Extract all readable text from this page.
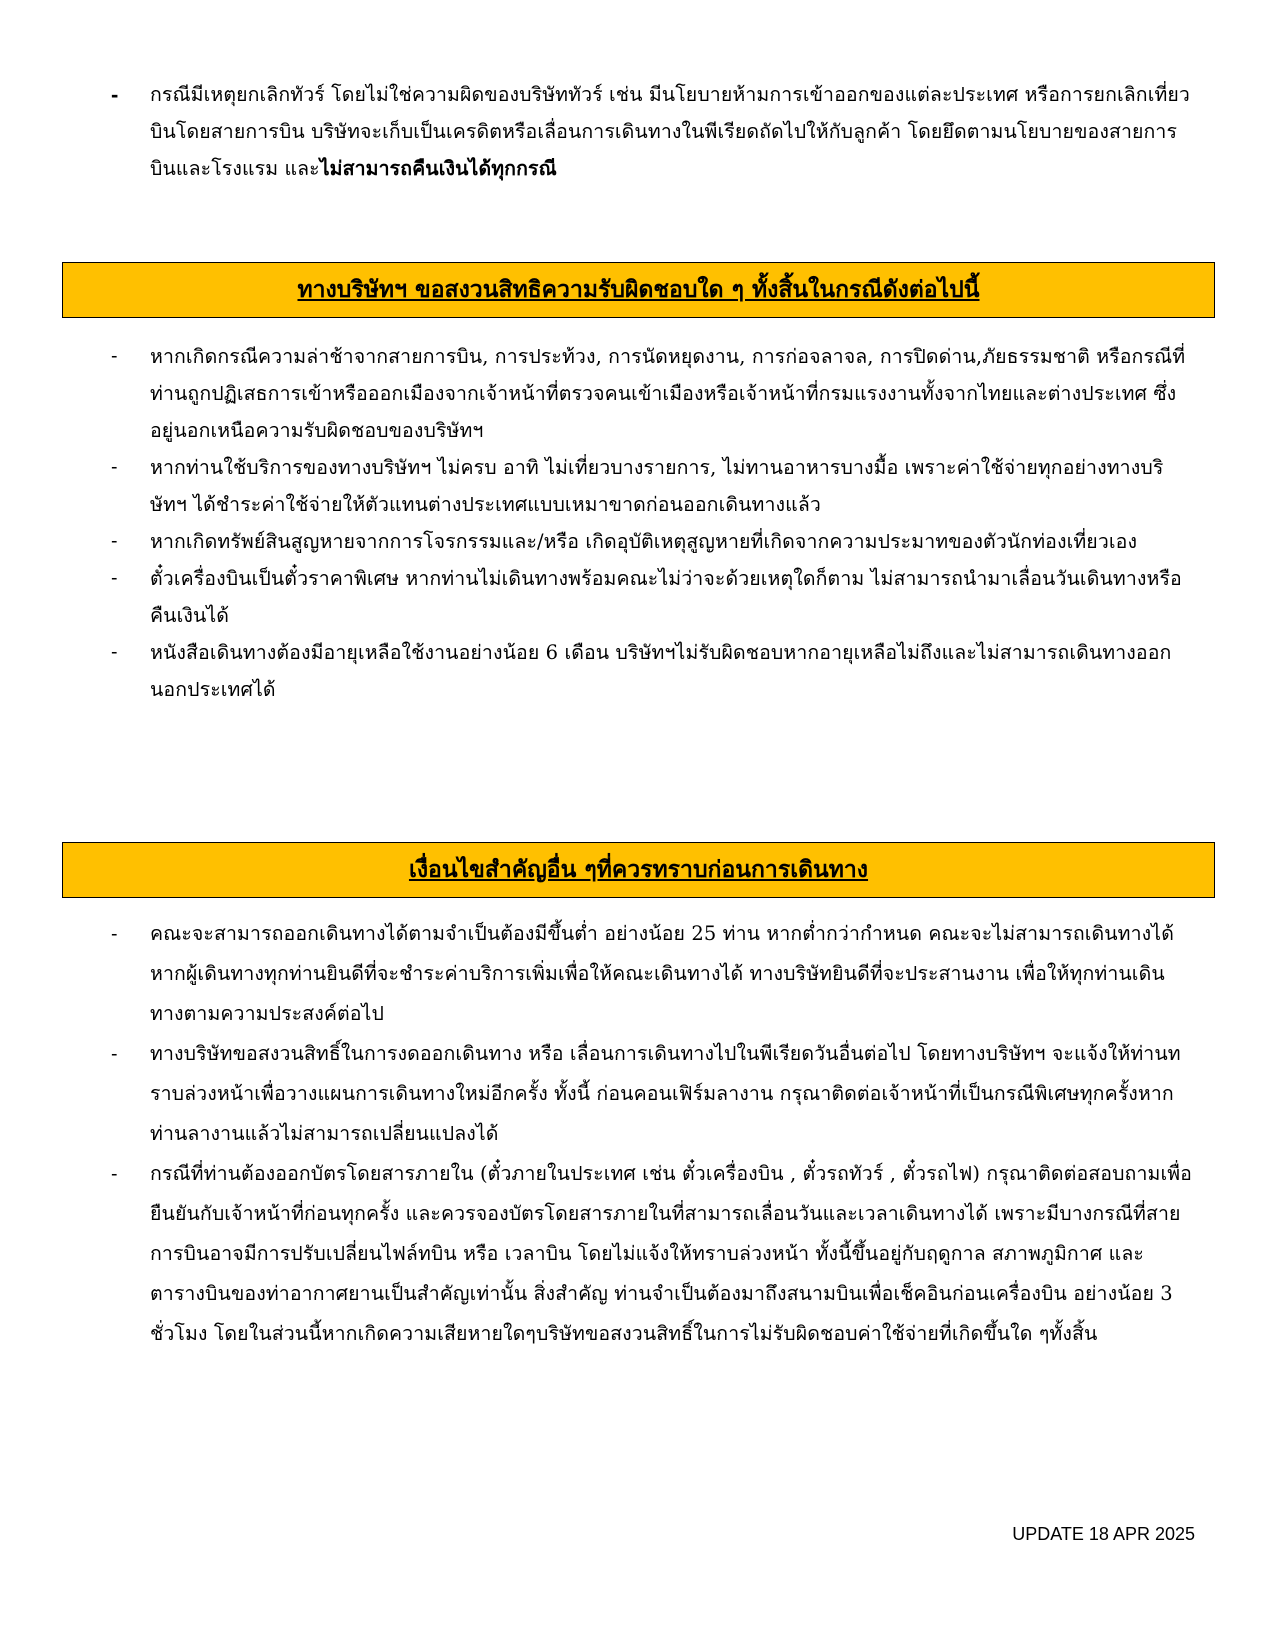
-	กรณีมีเหตุยกเลิกทัวร์ โดยไม่ใช่ความผิดของบริษัททัวร์ เช่น มีนโยบายห้ามการเข้าออกของแต่ละประเทศ หรือการยกเลิกเที่ยวบินโดยสายการบิน บริษัทจะเก็บเป็นเครดิตหรือเลื่อนการเดินทางในพีเรียดถัดไปให้กับลูกค้า โดยยึดตามนโยบายของสายการบินและโรงแรม และไม่สามารถคืนเงินได้ทุกกรณี
ทางบริษัทฯ ขอสงวนสิทธิความรับผิดชอบใด ๆ ทั้งสิ้นในกรณีดังต่อไปนี้
-	หากเกิดกรณีความล่าช้าจากสายการบิน, การประท้วง, การนัดหยุดงาน, การก่อจลาจล, การปิดด่าน,ภัยธรรมชาติ หรือกรณีที่ท่านถูกปฏิเสธการเข้าหรือออกเมืองจากเจ้าหน้าที่ตรวจคนเข้าเมืองหรือเจ้าหน้าที่กรมแรงงานทั้งจากไทยและต่างประเทศ ซึ่งอยู่นอกเหนือความรับผิดชอบของบริษัทฯ
-	หากท่านใช้บริการของทางบริษัทฯ ไม่ครบ อาทิ ไม่เที่ยวบางรายการ, ไม่ทานอาหารบางมื้อ เพราะค่าใช้จ่ายทุกอย่างทางบริษัทฯ ได้ชำระค่าใช้จ่ายให้ตัวแทนต่างประเทศแบบเหมาขาดก่อนออกเดินทางแล้ว
-	หากเกิดทรัพย์สินสูญหายจากการโจรกรรมและ/หรือ เกิดอุบัติเหตุสูญหายที่เกิดจากความประมาทของตัวนักท่องเที่ยวเอง
-	ตั๋วเครื่องบินเป็นตั๋วราคาพิเศษ หากท่านไม่เดินทางพร้อมคณะไม่ว่าจะด้วยเหตุใดก็ตาม ไม่สามารถนำมาเลื่อนวันเดินทางหรือคืนเงินได้
-	หนังสือเดินทางต้องมีอายุเหลือใช้งานอย่างน้อย 6 เดือน บริษัทฯไม่รับผิดชอบหากอายุเหลือไม่ถึงและไม่สามารถเดินทางออกนอกประเทศได้
เงื่อนไขสำคัญอื่น ๆที่ควรทราบก่อนการเดินทาง
-	คณะจะสามารถออกเดินทางได้ตามจำเป็นต้องมีขึ้นต่ำ อย่างน้อย 25 ท่าน หากต่ำกว่ากำหนด คณะจะไม่สามารถเดินทางได้ หากผู้เดินทางทุกท่านยินดีที่จะชำระค่าบริการเพิ่มเพื่อให้คณะเดินทางได้ ทางบริษัทยินดีที่จะประสานงาน เพื่อให้ทุกท่านเดินทางตามความประสงค์ต่อไป
-	ทางบริษัทขอสงวนสิทธิ์ในการงดออกเดินทาง หรือ เลื่อนการเดินทางไปในพีเรียดวันอื่นต่อไป โดยทางบริษัทฯ จะแจ้งให้ท่านทราบล่วงหน้าเพื่อวางแผนการเดินทางใหม่อีกครั้ง ทั้งนี้ ก่อนคอนเฟิร์มลางาน กรุณาติดต่อเจ้าหน้าที่เป็นกรณีพิเศษทุกครั้งหากท่านลางานแล้วไม่สามารถเปลี่ยนแปลงได้
-	กรณีที่ท่านต้องออกบัตรโดยสารภายใน (ตั๋วภายในประเทศ เช่น ตั๋วเครื่องบิน , ตั๋วรถทัวร์ , ตั๋วรถไฟ) กรุณาติดต่อสอบถามเพื่อยืนยันกับเจ้าหน้าที่ก่อนทุกครั้ง และควรจองบัตรโดยสารภายในที่สามารถเลื่อนวันและเวลาเดินทางได้ เพราะมีบางกรณีที่สายการบินอาจมีการปรับเปลี่ยนไฟล์ทบิน หรือ เวลาบิน โดยไม่แจ้งให้ทราบล่วงหน้า ทั้งนี้ขึ้นอยู่กับฤดูกาล สภาพภูมิกาศ และ ตารางบินของท่าอากาศยานเป็นสำคัญเท่านั้น สิ่งสำคัญ ท่านจำเป็นต้องมาถึงสนามบินเพื่อเช็คอินก่อนเครื่องบิน อย่างน้อย 3 ชั่วโมง โดยในส่วนนี้หากเกิดความเสียหายใดๆบริษัทขอสงวนสิทธิ์ในการไม่รับผิดชอบค่าใช้จ่ายที่เกิดขึ้นใด ๆทั้งสิ้น
UPDATE 18 APR 2025
